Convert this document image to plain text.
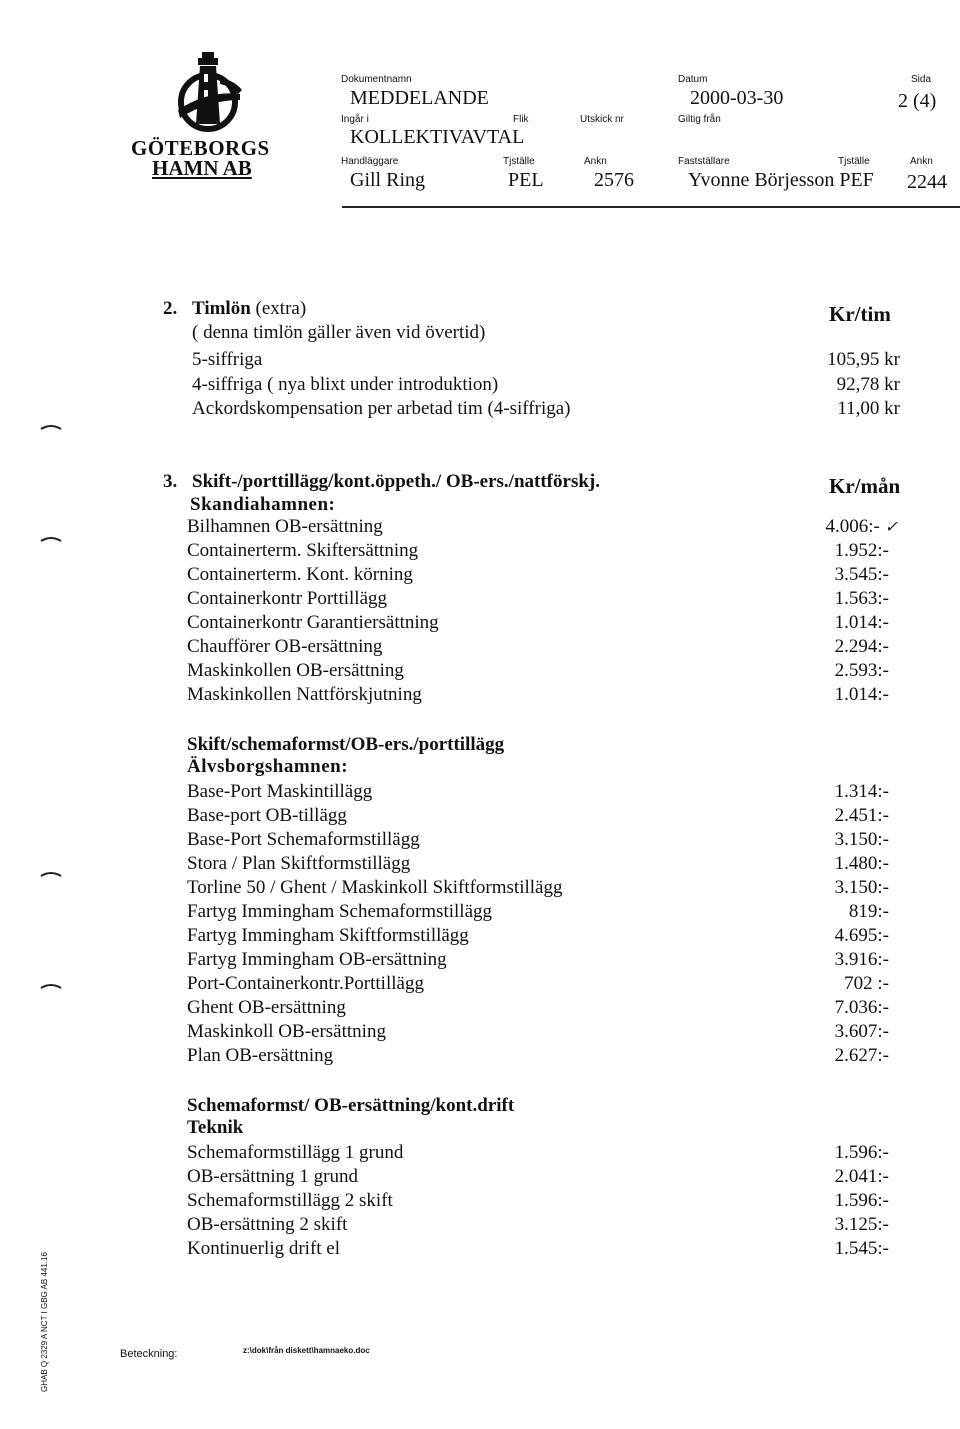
GÖTEBORGS
HAMN AB
Dokumentnamn
MEDDELANDE
Ingår i	Flik	Utskick nr
KOLLEKTIVAVTAL
Datum
2000-03-30
Giltig från
Sida
2 (4)
Handläggare
Gill Ring
Tjställe
PEL
Ankn
2576
Fastställare
Yvonne Börjesson PEF
Tjställe	Ankn
2244
2. Timlön (extra)	Kr/tim
( denna timlön gäller även vid övertid)
5-siffriga	105,95 kr
4-siffriga ( nya blixt under introduktion)	92,78 kr
Ackordskompensation per arbetad tim (4-siffriga)	11,00 kr
3. Skift-/porttillägg/kont.öppeth./ OB-ers./nattförskj.	Kr/mån
Skandiahamnen:
Bilhamnen OB-ersättning	4.006:- ✓
Containerterm. Skiftersättning	1.952:-
Containerterm. Kont. körning	3.545:-
Containerkontr Porttillägg	1.563:-
Containerkontr Garantiersättning	1.014:-
Chaufförer OB-ersättning	2.294:-
Maskinkollen OB-ersättning	2.593:-
Maskinkollen Nattförskjutning	1.014:-
Skift/schemaformst/OB-ers./porttillägg
Älvsborgshamnen:
Base-Port Maskintillägg	1.314:-
Base-port OB-tillägg	2.451:-
Base-Port Schemaformstillägg	3.150:-
Stora / Plan Skiftformstillägg	1.480:-
Torline 50 / Ghent / Maskinkoll Skiftformstillägg	3.150:-
Fartyg Immingham Schemaformstillägg	819:-
Fartyg Immingham Skiftformstillägg	4.695:-
Fartyg Immingham OB-ersättning	3.916:-
Port-Containerkontr.Porttillägg	702 :-
Ghent OB-ersättning	7.036:-
Maskinkoll OB-ersättning	3.607:-
Plan OB-ersättning	2.627:-
Schemaformst/ OB-ersättning/kont.drift
Teknik
Schemaformstillägg 1 grund	1.596:-
OB-ersättning 1 grund	2.041:-
Schemaformstillägg 2 skift	1.596:-
OB-ersättning 2 skift	3.125:-
Kontinuerlig drift el	1.545:-
Beteckning:	z:\dok\från diskett\hamnaeko.doc
GHAB Q 2329 A NCT I GBG AB 441.16
